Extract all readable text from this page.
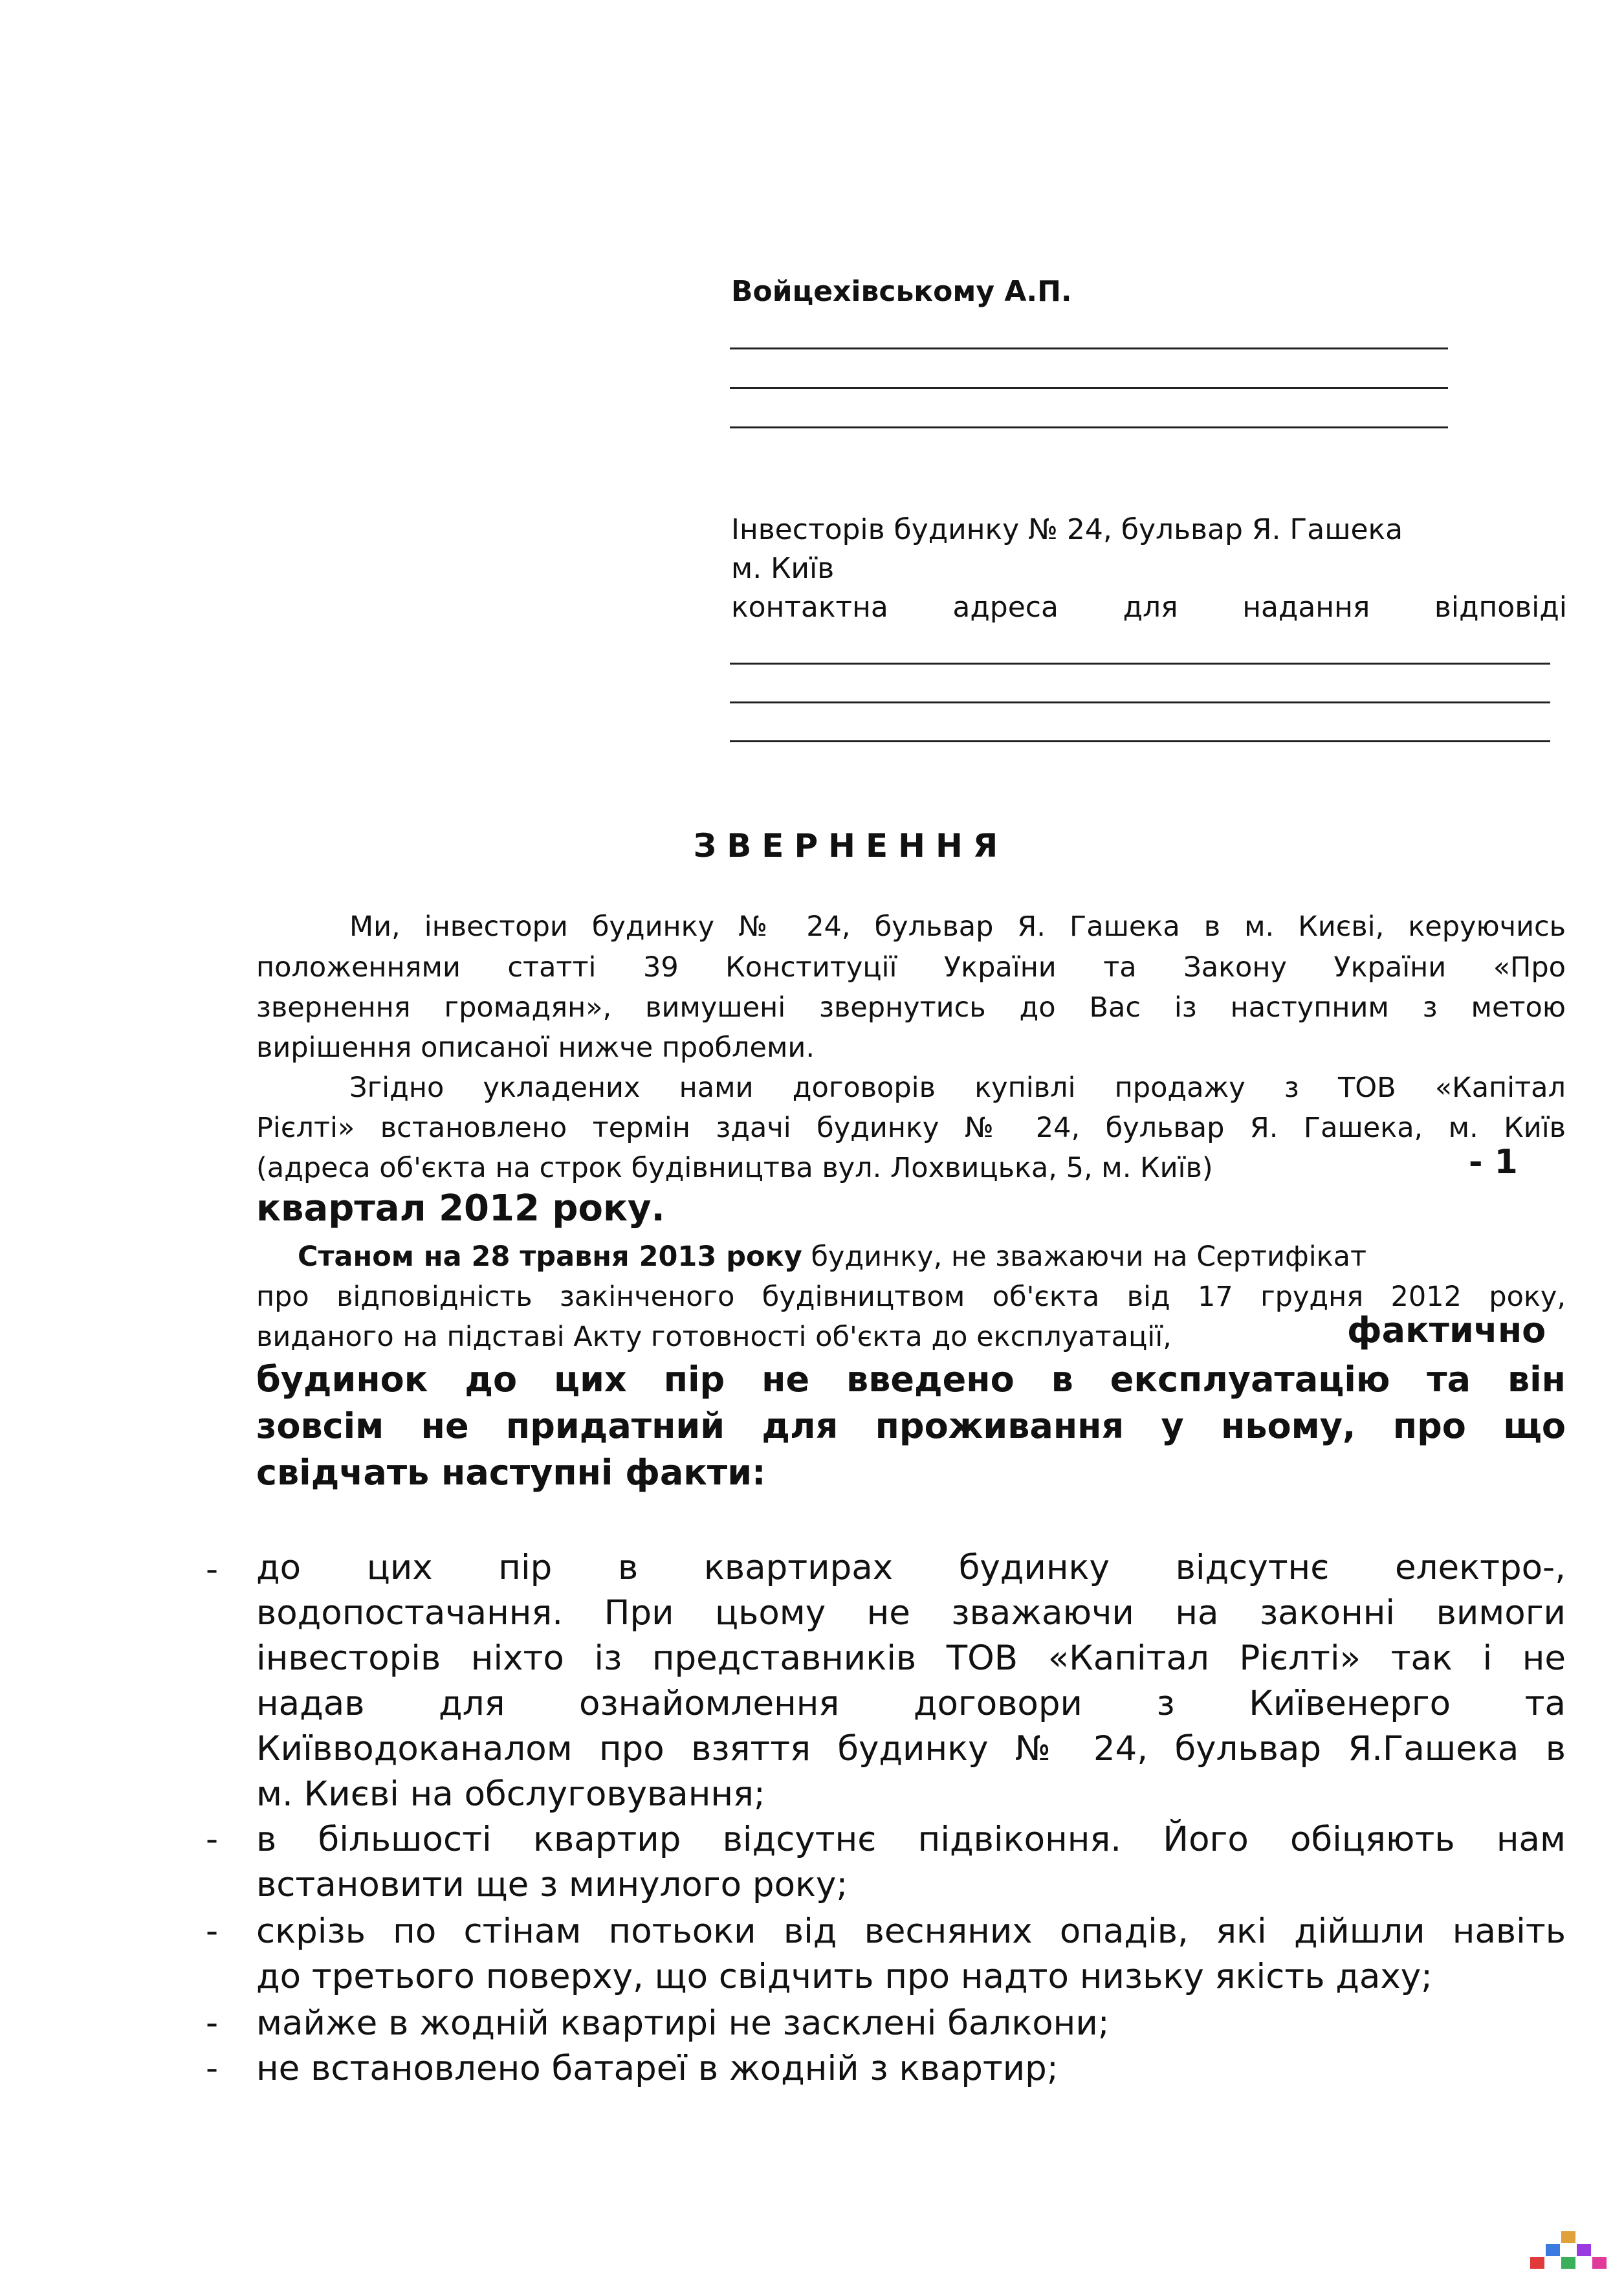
Войцехівському А.П.
Інвесторів будинку № 24, бульвар Я. Гашека
м. Київ
контактна адреса для надання відповіді
ЗВЕРНЕННЯ
Ми, інвестори будинку № 24, бульвар Я. Гашека в м. Києві, керуючись
положеннями статті 39 Конституції України та Закону України «Про
звернення громадян», вимушені звернутись до Вас із наступним з метою
вирішення описаної нижче проблеми.
Згідно укладених нами договорів купівлі продажу з ТОВ «Капітал
Рієлті» встановлено термін здачі будинку № 24, бульвар Я. Гашека, м. Київ
(адреса об'єкта на строк будівництва вул. Лохвицька, 5, м. Київ)	- 1
квартал 2012 року.
Станом на 28 травня 2013 року будинку, не зважаючи на Сертифікат
про відповідність закінченого будівництвом об'єкта від 17 грудня 2012 року,
виданого на підставі Акту готовності об'єкта до експлуатації,	фактично
будинок до цих пір не введено в експлуатацію та він
зовсім не придатний для проживання у ньому, про що
свідчать наступні факти:
- до цих пір в квартирах будинку відсутнє електро-,
водопостачання. При цьому не зважаючи на законні вимоги
інвесторів ніхто із представників ТОВ «Капітал Рієлті» так і не
надав для ознайомлення договори з Київенерго та
Київводоканалом про взяття будинку № 24, бульвар Я.Гашека в
м. Києві на обслуговування;
- в більшості квартир відсутнє підвіконня. Його обіцяють нам
встановити ще з минулого року;
- скрізь по стінам потьоки від весняних опадів, які дійшли навіть
до третього поверху, що свідчить про надто низьку якість даху;
- майже в жодній квартирі не засклені балкони;
- не встановлено батареї в жодній з квартир;
